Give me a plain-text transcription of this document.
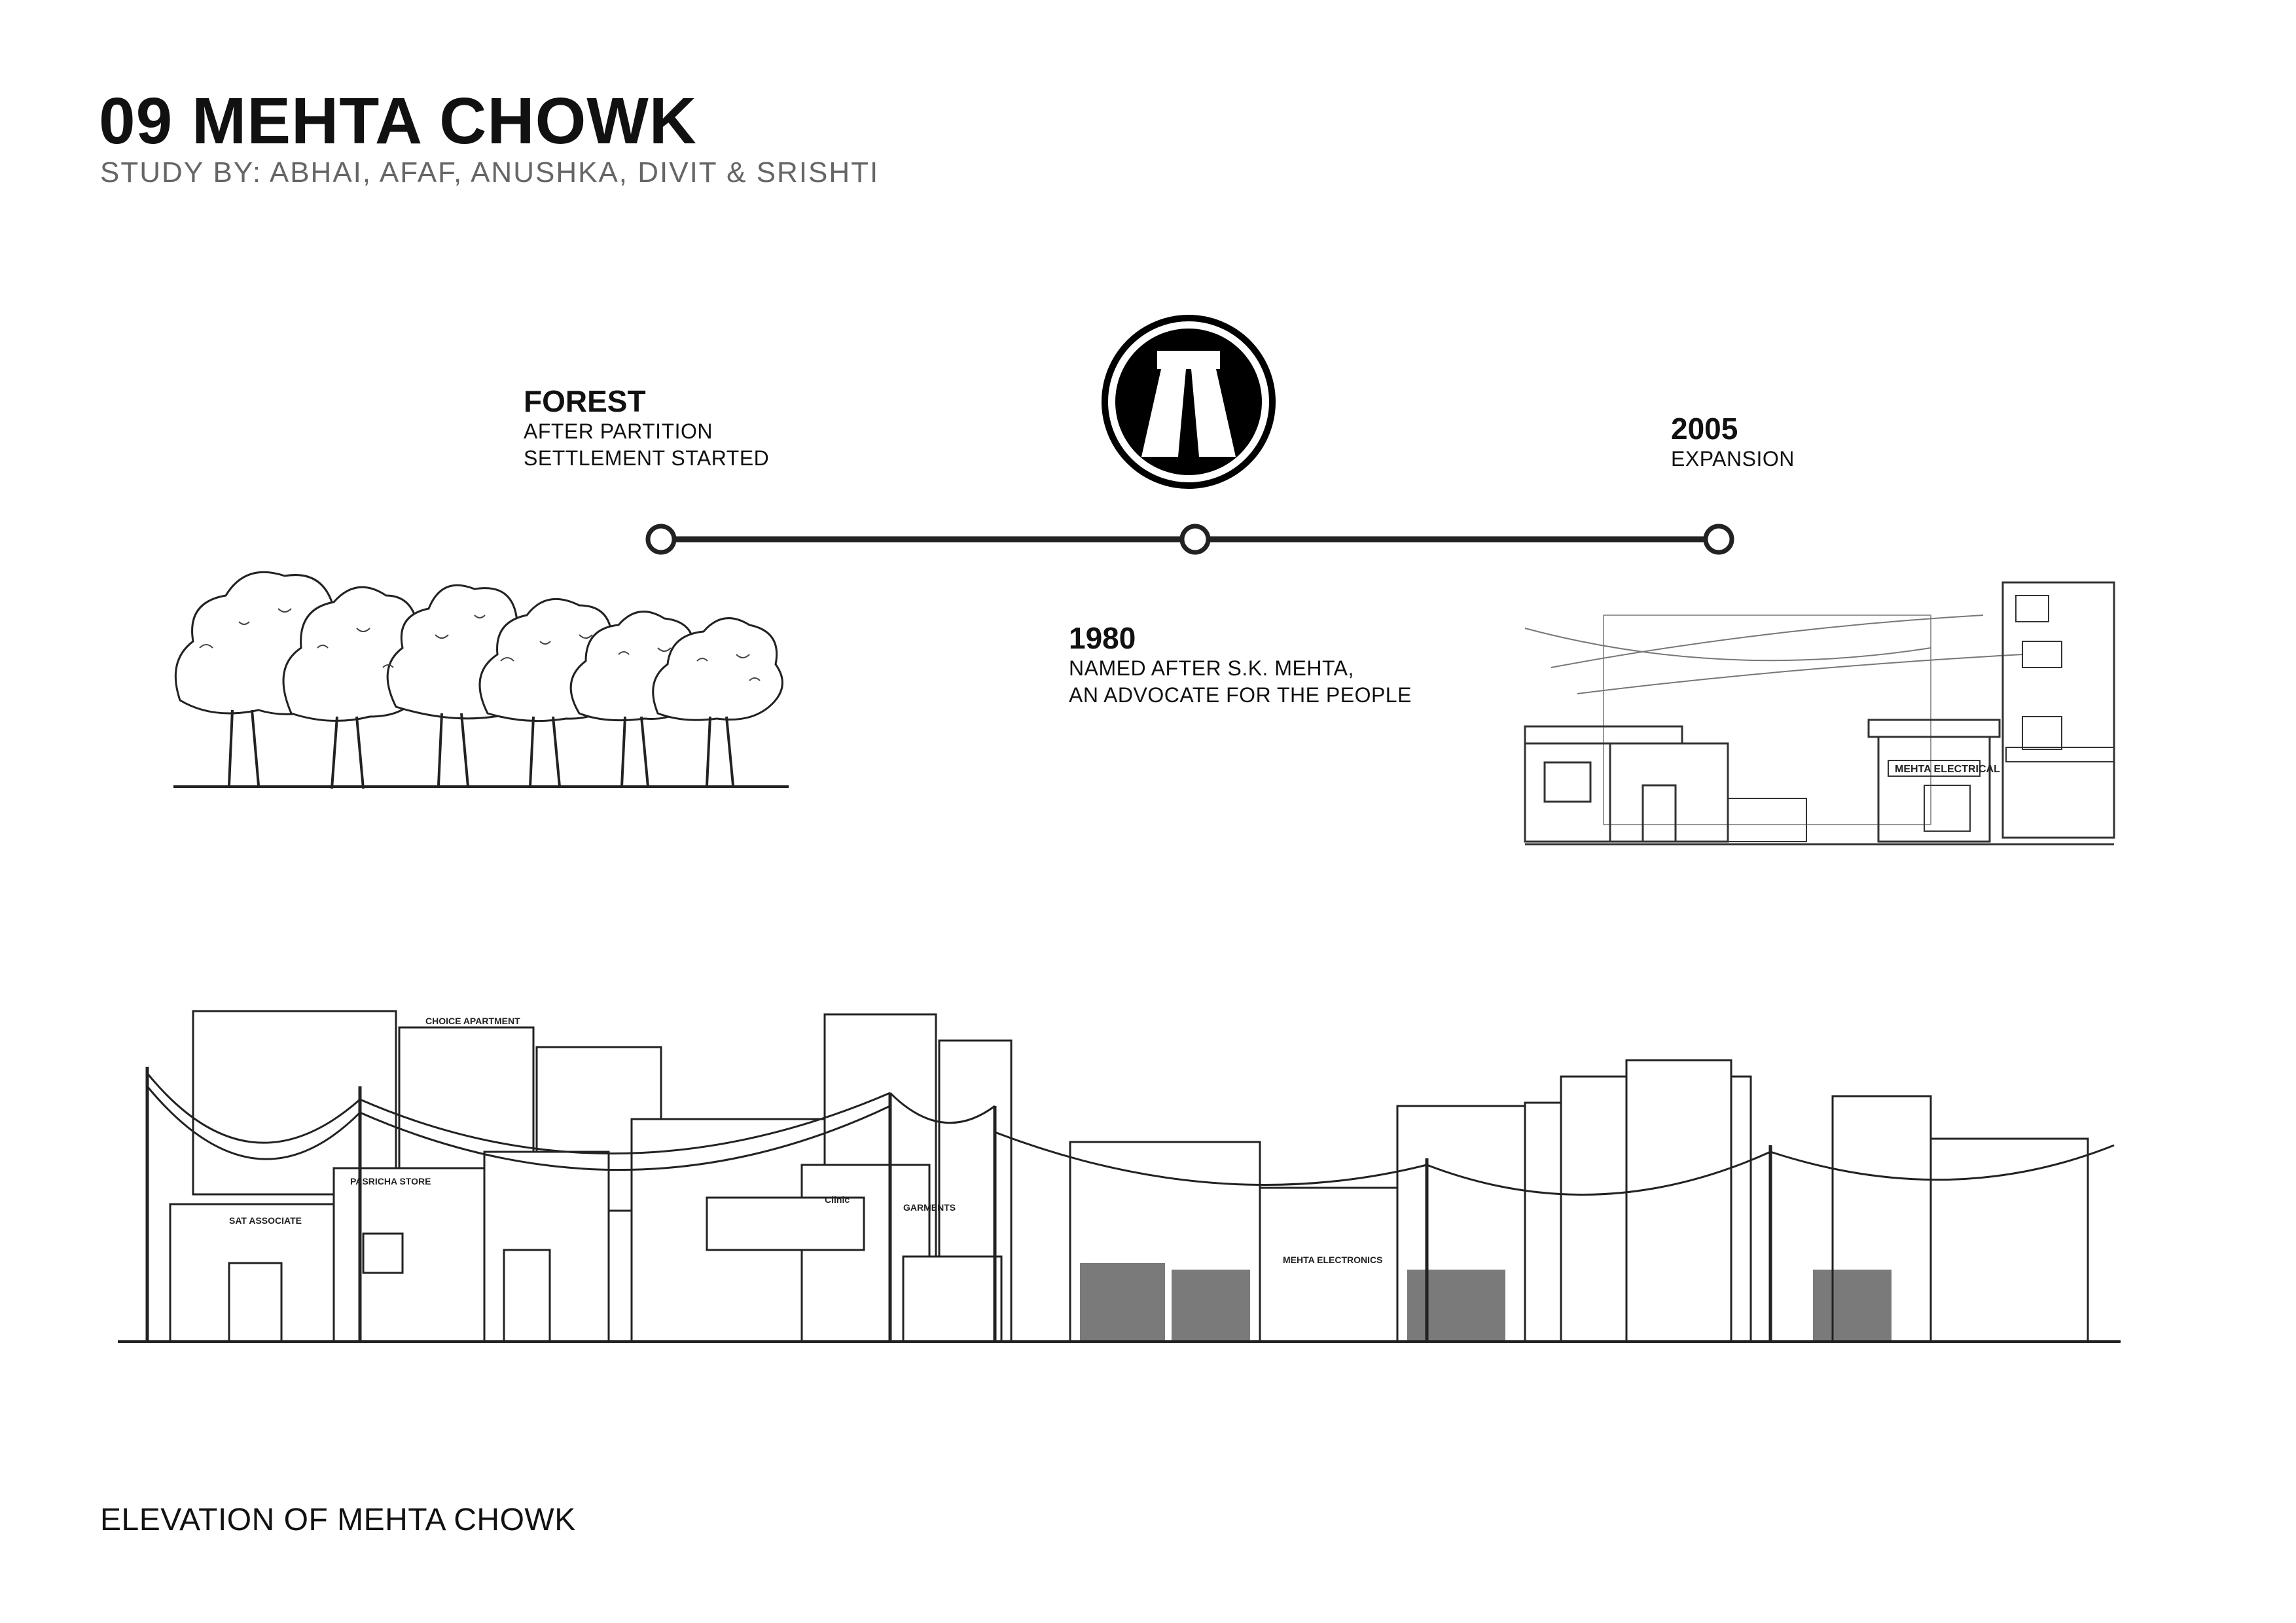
09 MEHTA CHOWK
STUDY BY: ABHAI, AFAF, ANUSHKA, DIVIT & SRISHTI
FOREST
AFTER PARTITION
SETTLEMENT STARTED
1980
NAMED AFTER S.K. MEHTA,
AN ADVOCATE FOR THE PEOPLE
2005
EXPANSION
MEHTA ELECTRICAL
CHOICE APARTMENT
SAT ASSOCIATE
PASRICHA STORE
GARMENTS
MEHTA ELECTRONICS
Clinic
ELEVATION OF MEHTA CHOWK
